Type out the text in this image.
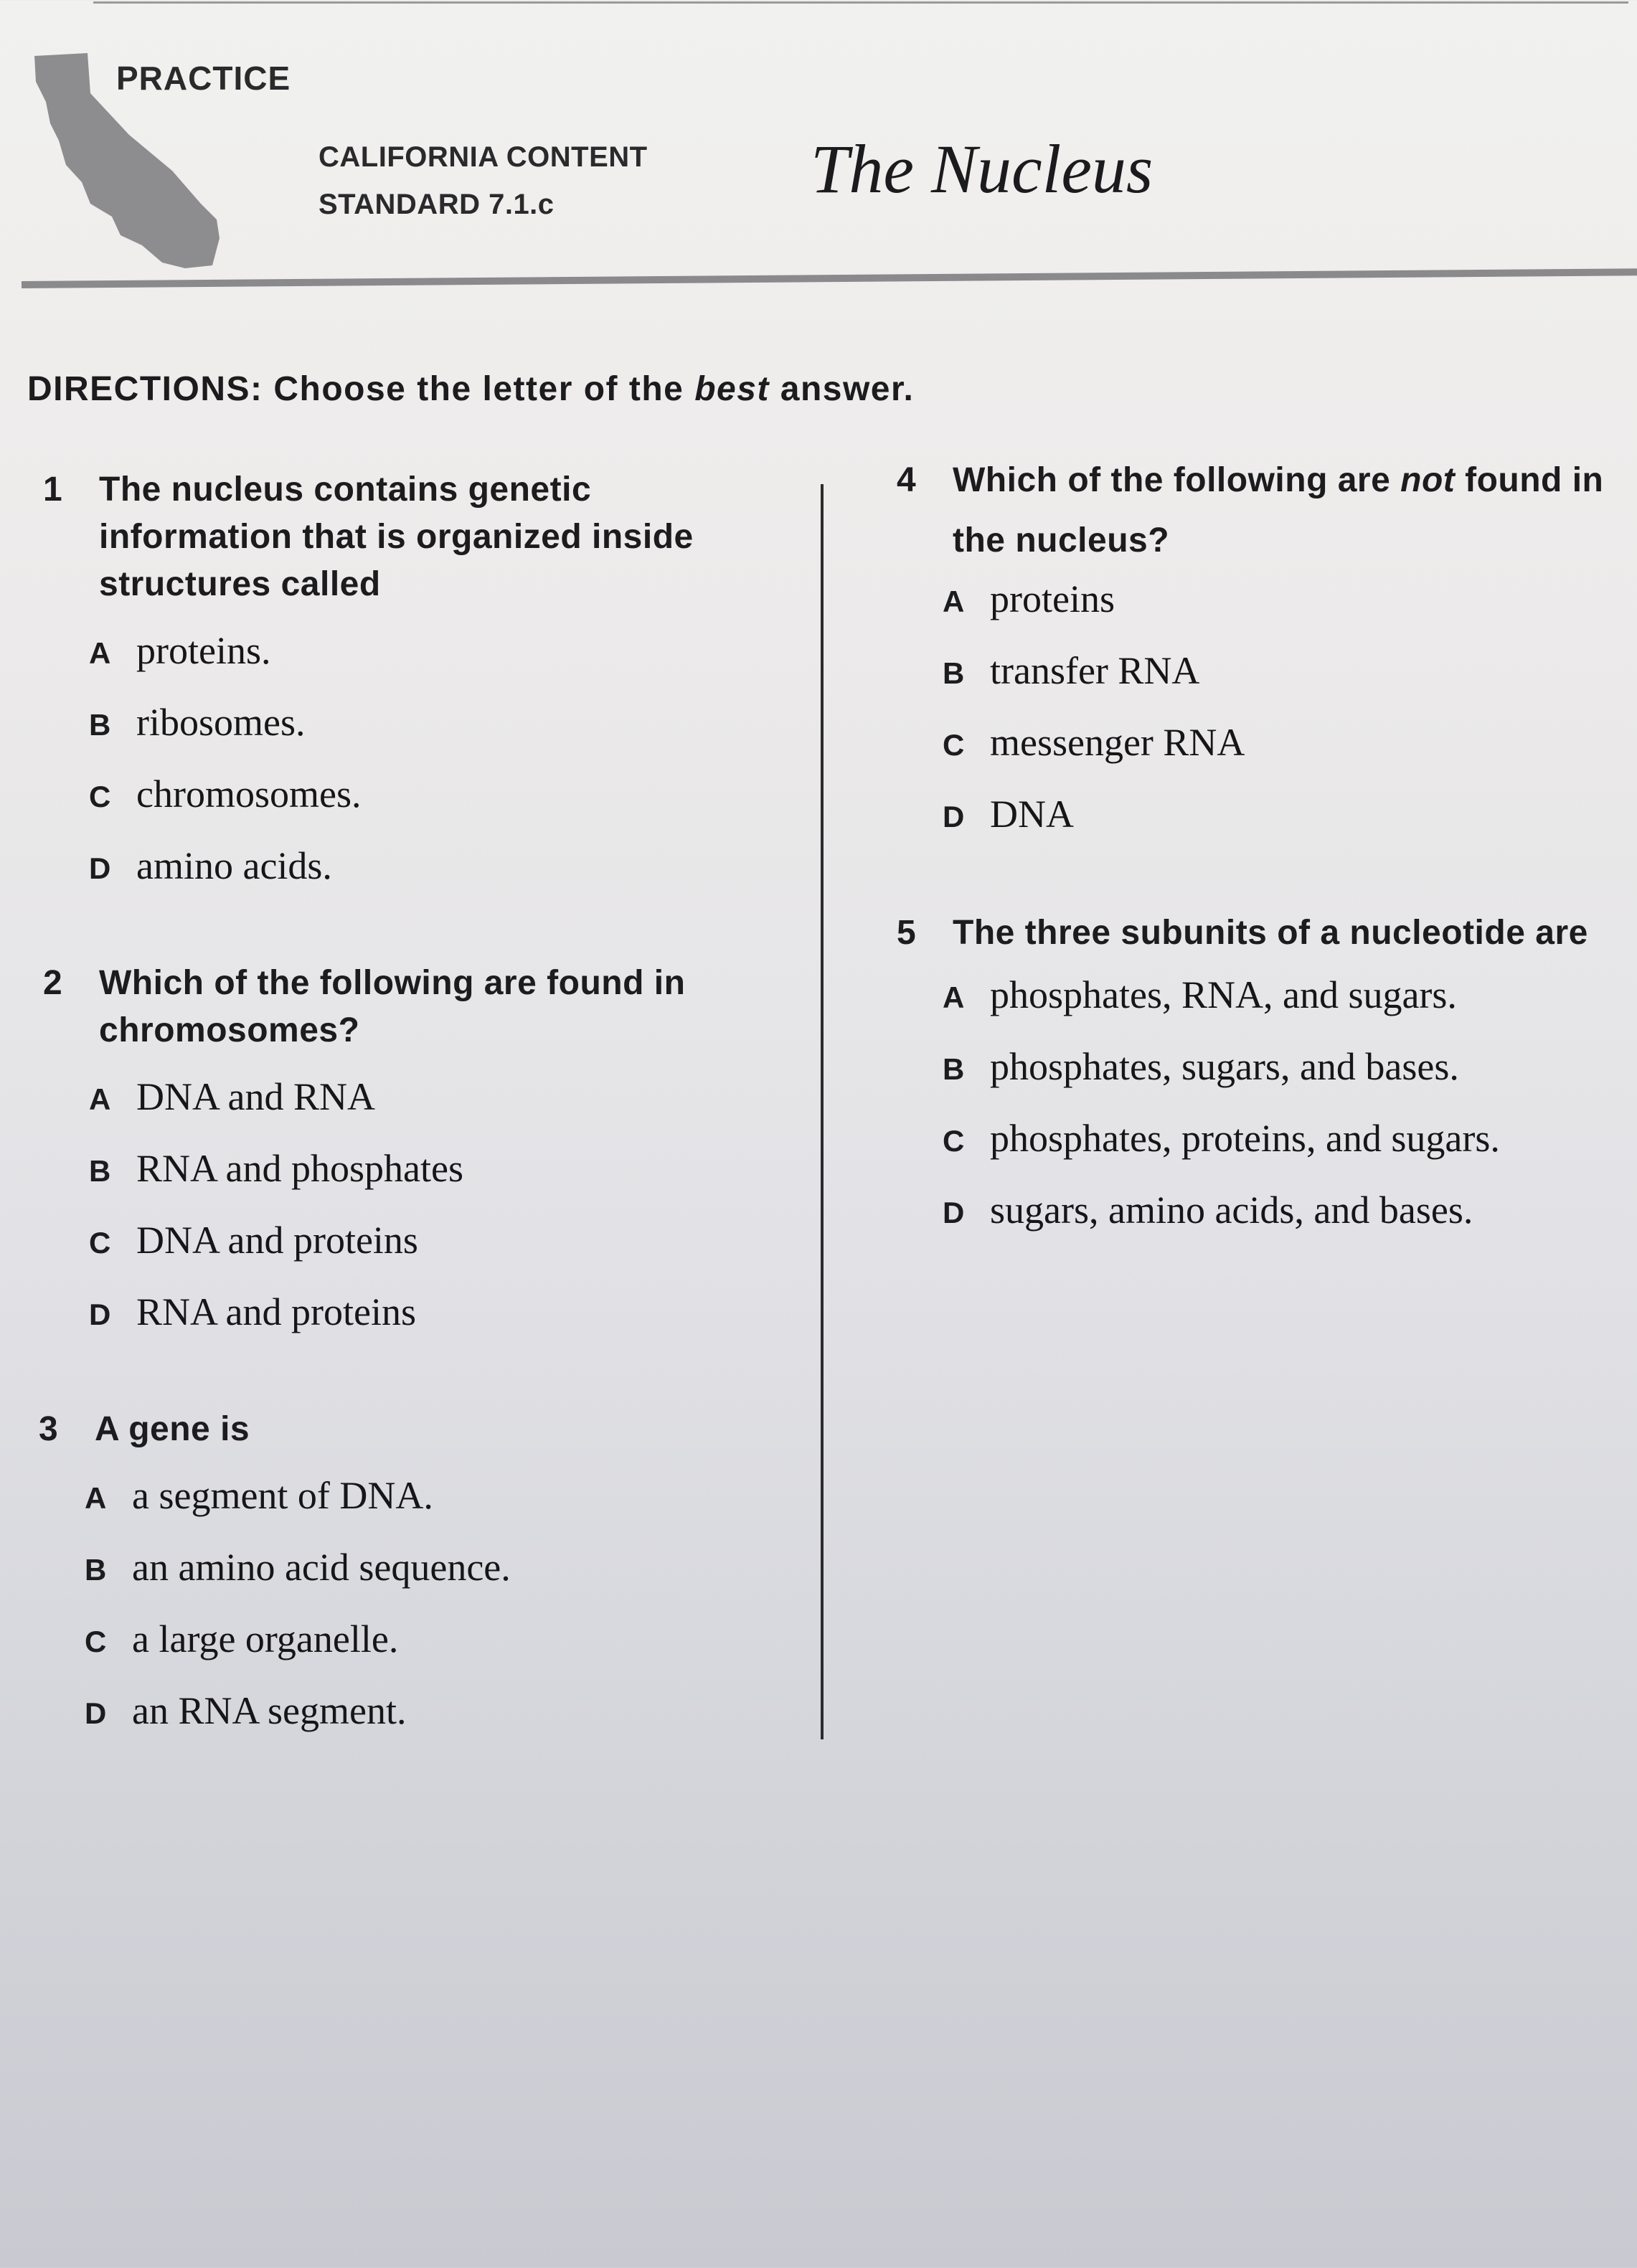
PRACTICE
CALIFORNIA CONTENT
STANDARD 7.1.c	The Nucleus
DIRECTIONS: Choose the letter of the best answer.
1	The nucleus contains genetic information that is organized inside structures called
A proteins.
B ribosomes.
C chromosomes.
D amino acids.
2	Which of the following are found in chromosomes?
A DNA and RNA
B RNA and phosphates
C DNA and proteins
D RNA and proteins
3	A gene is
A a segment of DNA.
B an amino acid sequence.
C a large organelle.
D an RNA segment.
4	Which of the following are not found in the nucleus?
A proteins
B transfer RNA
C messenger RNA
D DNA
5	The three subunits of a nucleotide are
A phosphates, RNA, and sugars.
B phosphates, sugars, and bases.
C phosphates, proteins, and sugars.
D sugars, amino acids, and bases.
